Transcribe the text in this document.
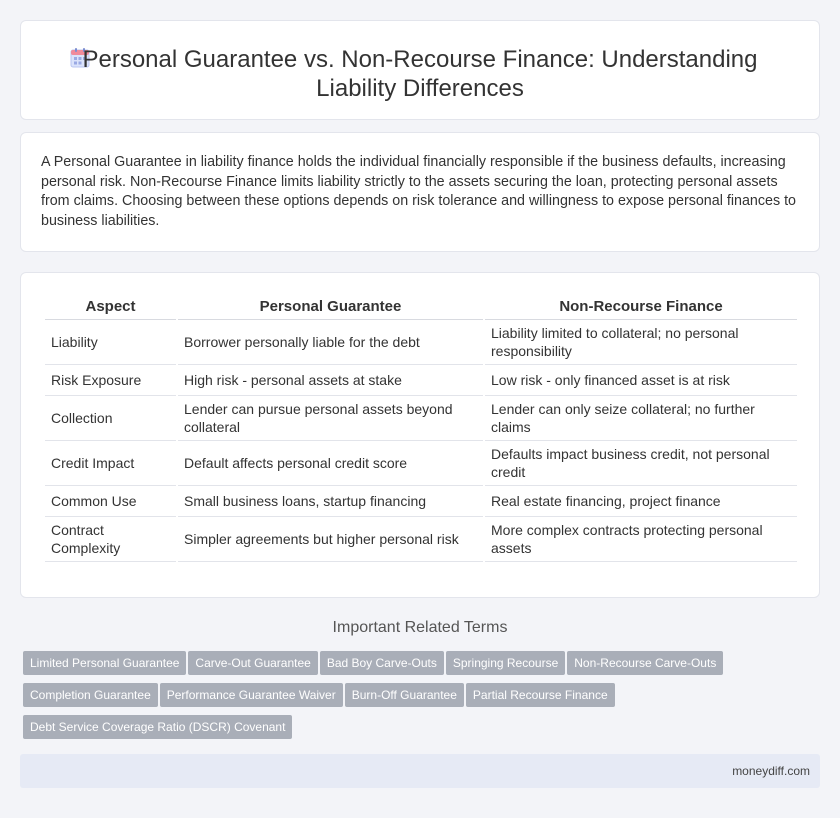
Personal Guarantee vs. Non-Recourse Finance: Understanding Liability Differences

A Personal Guarantee in liability finance holds the individual financially responsible if the business defaults, increasing personal risk. Non-Recourse Finance limits liability strictly to the assets securing the loan, protecting personal assets from claims. Choosing between these options depends on risk tolerance and willingness to expose personal finances to business liabilities.

Aspect	Personal Guarantee	Non-Recourse Finance
Liability	Borrower personally liable for the debt	Liability limited to collateral; no personal responsibility
Risk Exposure	High risk - personal assets at stake	Low risk - only financed asset is at risk
Collection	Lender can pursue personal assets beyond collateral	Lender can only seize collateral; no further claims
Credit Impact	Default affects personal credit score	Defaults impact business credit, not personal credit
Common Use	Small business loans, startup financing	Real estate financing, project finance
Contract Complexity	Simpler agreements but higher personal risk	More complex contracts protecting personal assets
Important Related Terms
Limited Personal Guarantee Carve-Out Guarantee Bad Boy Carve-Outs Springing Recourse Non-Recourse Carve-Outs
Completion Guarantee Performance Guarantee Waiver Burn-Off Guarantee Partial Recourse Finance
Debt Service Coverage Ratio (DSCR) Covenant
moneydiff.com
